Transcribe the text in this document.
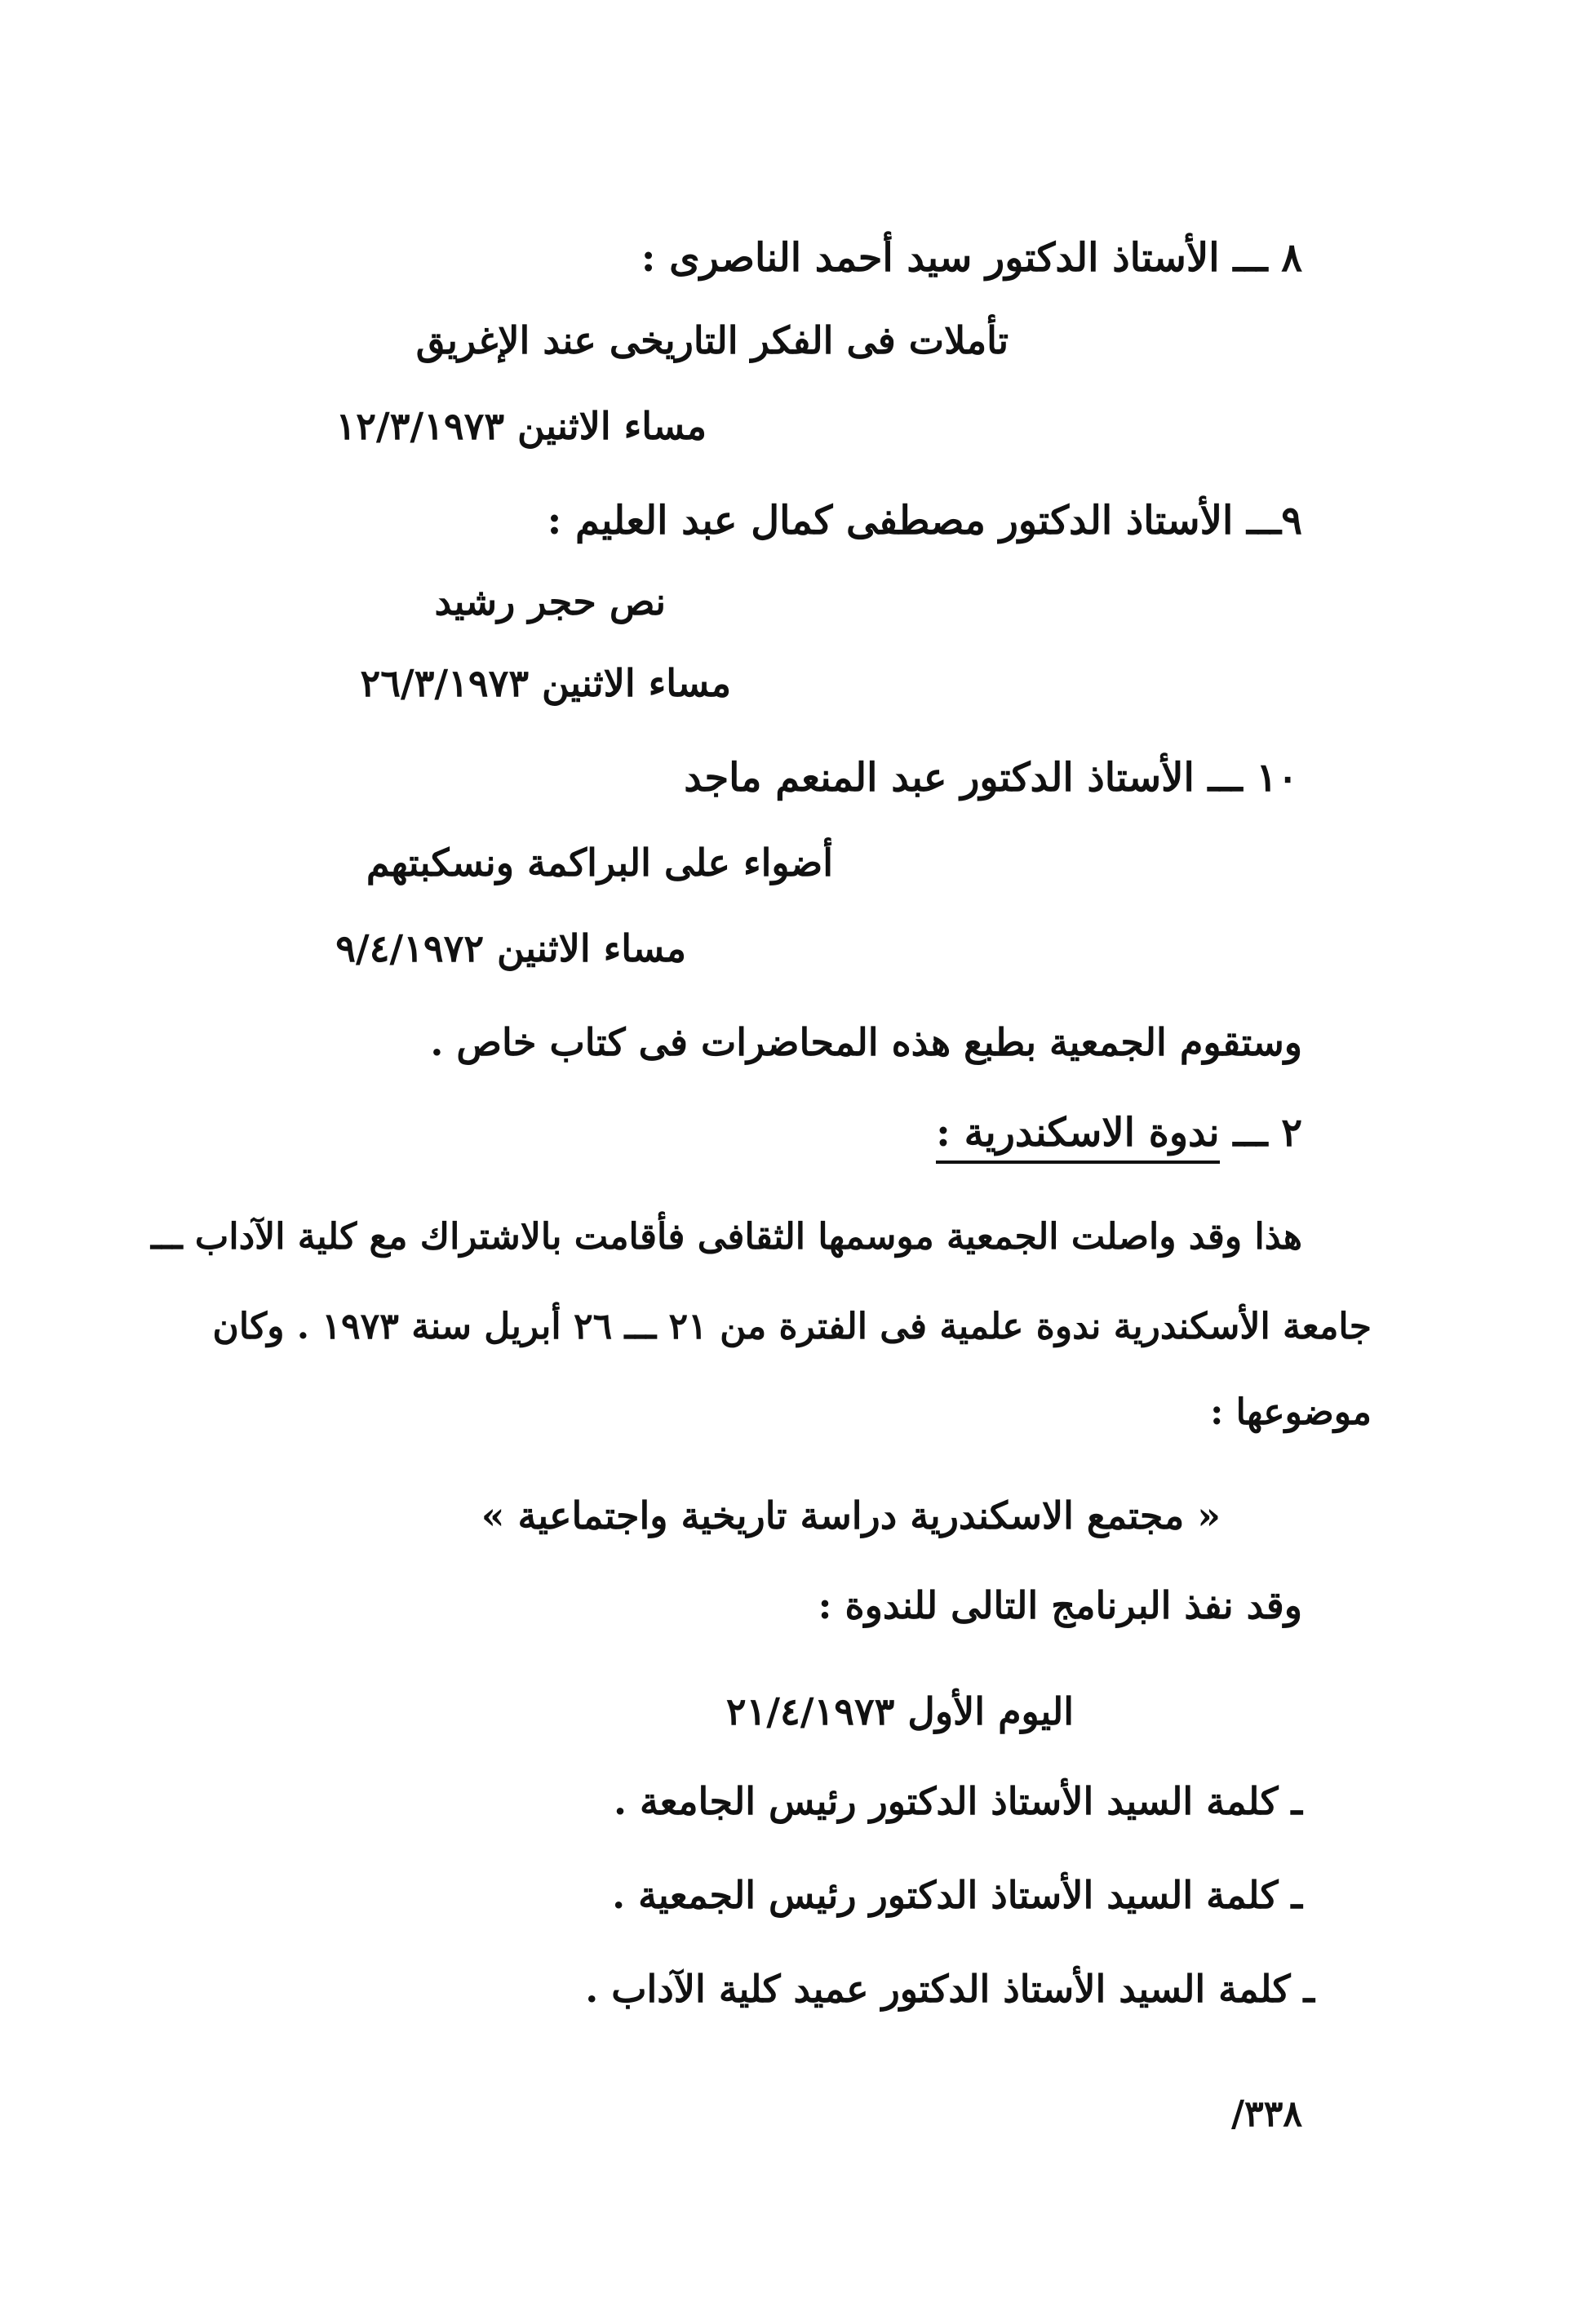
٨ ـــ الأستاذ الدكتور سيد أحمد الناصرى :
تأملات فى الفكر التاريخى عند الإغريق
مساء الاثنين ١٢/٣/١٩٧٣
٩ـــ الأستاذ الدكتور مصطفى كمال عبد العليم :
نص حجر رشيد
مساء الاثنين ٢٦/٣/١٩٧٣
١٠ ـــ الأستاذ الدكتور عبد المنعم ماجد
أضواء على البراكمة ونسكبتهم
مساء الاثنين ٩/٤/١٩٧٢
وستقوم الجمعية بطبع هذه المحاضرات فى كتاب خاص .
٢ ـــ ندوة الاسكندرية :
هذا وقد واصلت الجمعية موسمها الثقافى فأقامت بالاشتراك مع كلية الآداب ـــ
جامعة الأسكندرية ندوة علمية فى الفترة من ٢١ ـــ ٢٦ أبريل سنة ١٩٧٣ . وكان
موضوعها :
« مجتمع الاسكندرية دراسة تاريخية واجتماعية »
وقد نفذ البرنامج التالى للندوة :
اليوم الأول ٢١/٤/١٩٧٣
ـ كلمة السيد الأستاذ الدكتور رئيس الجامعة .
ـ كلمة السيد الأستاذ الدكتور رئيس الجمعية .
ـ كلمة السيد الأستاذ الدكتور عميد كلية الآداب .
٣٣٨/
